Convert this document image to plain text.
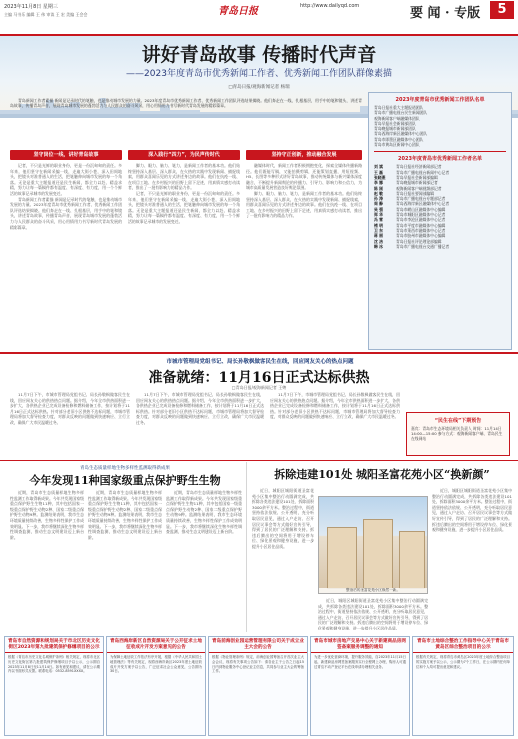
2023年11月8日 星期三	青岛日报	http://www.dailyqd.com	要 闻 · 专版	5
主编 马书乐 编辑 王 伟 审读 王 宏 美编 王会会
讲好青岛故事 传播时代声音
——2023年度青岛市优秀新闻工作者、优秀新闻工作团队群像素描
□青岛日报/观海新闻记者 杨瑞

青岛新闻工作者素描 新闻是记录时代的笔触，也是推动城市发展的力量。2023年度青岛市优秀新闻工作者、优秀新闻工作团队评选结果揭晓。他们奔走在一线、扎根基层，用手中的笔和镜头，讲述青岛故事，传播青岛声音，展现青岛城市发展的蓬勃活力与人民群众的奋斗风采，用心用情用力书写新时代青岛发展的精彩篇章。

坚守岗位一线，讲好青岛故事

记者，不只是光鲜的职业身份，更是一份沉甸甸的责任。多年来，他们坚守在新闻采编一线，走遍大街小巷，深入田间地头，把镜头对准普通人的生活，把笔触伸向城市发展的每一个角落。无论是重大主题报道还是民生新闻，都全力以赴、精益求精，努力让每一篇稿件都有温度、有深度、有力度，用一个个鲜活的故事记录城市的发展变迁。

青岛新闻工作者素描 新闻是记录时代的笔触，也是推动城市发展的力量。2023年度青岛市优秀新闻工作者、优秀新闻工作团队评选结果揭晓。他们奔走在一线、扎根基层，用手中的笔和镜头，讲述青岛故事，传播青岛声音，展现青岛城市发展的蓬勃活力与人民群众的奋斗风采，用心用情用力书写新时代青岛发展的精彩篇章。

深入践行“四力”，为民声传时代

脚力、眼力、脑力、笔力，是新闻工作者的基本功。他们始终坚持深入基层、深入群众，在火热的实践中发现新闻、捕捉线索，用群众喜闻乐见的方式讲述身边的故事。他们在抗疫一线、在项目工地、在乡村振兴的田野上留下足迹，用真情实感打动读者，推出了一批有影响力的精品力作。

记者，不只是光鲜的职业身份，更是一份沉甸甸的责任。多年来，他们坚守在新闻采编一线，走遍大街小巷，深入田间地头，把镜头对准普通人的生活，把笔触伸向城市发展的每一个角落。无论是重大主题报道还是民生新闻，都全力以赴、精益求精，努力让每一篇稿件都有温度、有深度、有力度，用一个个鲜活的故事记录城市的发展变迁。

坚持守正创新，推动融合发展

融媒体时代，新闻工作者积极拥抱变化，探索全媒体传播新路径。他们既能写稿，又能拍摄剪辑，还能策划直播，用短视频、H5、长图等多种形式讲好青岛故事，推动传统媒体与新兴媒体深度融合，不断提升新闻舆论的传播力、引导力、影响力和公信力，为城市高质量发展营造良好舆论氛围。

脚力、眼力、脑力、笔力，是新闻工作者的基本功。他们始终坚持深入基层、深入群众，在火热的实践中发现新闻、捕捉线索，用群众喜闻乐见的方式讲述身边的故事。他们在抗疫一线、在项目工地、在乡村振兴的田野上留下足迹，用真情实感打动读者，推出了一批有影响力的精品力作。

2023年度青岛市优秀新闻工作团队名单
青岛日报社重大主题报道团队
青岛市广播电视台民生新闻团队
观海新闻客户端融媒体团队
青岛早报社会新闻部团队
青岛晚报城市新闻部团队
青岛西海岸新区融媒体中心团队
青岛市即墨区融媒体中心团队
青岛市黄岛区新闻中心团队
2023年度青岛市优秀新闻工作者名单
刘 斌	青岛日报社经济新闻部记者
王 磊	青岛市广播电视台新闻中心记者
张晓燕	青岛早报社会新闻部编辑
李 娜	青岛晚报城市新闻部记者
陈 刚	观海新闻客户端视频部记者
赵 敏	青岛日报社要闻部编辑
孙 涛	青岛市广播电视台专题部记者
周 静	青岛西海岸新区融媒体中心记者
吴 强	青岛市崂山区融媒体中心编辑
郑 华	青岛市城阳区融媒体中心记者
冯 雪	青岛市李沧区融媒体中心记者
褚 明	青岛市平度市融媒体中心编辑
卫 东	青岛市莱西市融媒体中心记者
蒋 丽	青岛市胶州市融媒体中心编辑
沈 洁	青岛日报社评论理论部编辑
韩 冰	青岛市广播电视台交通广播记者
市城市管理局党组书记、局长孙敬枫做客民生在线，回应网友关心的热点问题
准备就绪：11月16日正式达标供热
□青岛日报/观海新闻记者 王娉

11月7日下午，市城市管理局党组书记、局长孙敬枫做客民生在线，回应网友关心的供热热点问题。据介绍，今年全市供热面积进一步扩大，各供热企业已完成设备检修和燃料储备工作，按计划将于11月16日正式达标供热。针对部分老旧小区供热不达标问题，市城市管理局将加大督导检查力度，对群众反映的问题做到快速响应、立行立改，确保广大市民温暖过冬。

11月7日下午，市城市管理局党组书记、局长孙敬枫做客民生在线，回应网友关心的供热热点问题。据介绍，今年全市供热面积进一步扩大，各供热企业已完成设备检修和燃料储备工作，按计划将于11月16日正式达标供热。针对部分老旧小区供热不达标问题，市城市管理局将加大督导检查力度，对群众反映的问题做到快速响应、立行立改，确保广大市民温暖过冬。

11月7日下午，市城市管理局党组书记、局长孙敬枫做客民生在线，回应网友关心的供热热点问题。据介绍，今年全市供热面积进一步扩大，各供热企业已完成设备检修和燃料储备工作，按计划将于11月16日正式达标供热。针对部分老旧小区供热不达标问题，市城市管理局将加大督导检查力度，对群众反映的问题做到快速响应、立行立改，确保广大市民温暖过冬。

“民生在线”下期预告
嘉宾：青岛市生态环境局相关负责人 时间：11月14日 14:00—15:00 参与方式：观海新闻客户端、青岛民生在线网站
青岛生态质量样地生物多样性监测取得新成果
今年发现11种国家级重点保护野生生物

近期，青岛市生态质量样地生物多样性监测工作取得新成果。今年共发现国家级重点保护野生生物11种，其中包括国家一级重点保护野生动物2种、国家二级重点保护野生动物9种。监测结果表明，我市生态环境质量持续改善，生物多样性保护工作成效明显。下一步，我市将继续深化生物多样性调查监测，推动生态文明建设迈上新台阶。

近期，青岛市生态质量样地生物多样性监测工作取得新成果。今年共发现国家级重点保护野生生物11种，其中包括国家一级重点保护野生动物2种、国家二级重点保护野生动物9种。监测结果表明，我市生态环境质量持续改善，生物多样性保护工作成效明显。下一步，我市将继续深化生物多样性调查监测，推动生态文明建设迈上新台阶。

近期，青岛市生态质量样地生物多样性监测工作取得新成果。今年共发现国家级重点保护野生生物11种，其中包括国家一级重点保护野生动物2种、国家二级重点保护野生动物9种。监测结果表明，我市生态环境质量持续改善，生物多样性保护工作成效明显。下一步，我市将继续深化生物多样性调查监测，推动生态文明建设迈上新台阶。

拆除违建101处 城阳圣富花苑小区“换新颜”

近日，城阳区城阳街道圣富花苑小区集中整治行动圆满完成，共拆除各类违法建设101处，拆除面积3000余平方米。整治过程中，街道坚持依法依规、公开透明，充分听取居民意见，通过入户走访、召开居民议事会等方式做好宣传引导，得到了居民的广泛理解和支持。拆违后腾出的空间将用于增设停车位、绿化景观和健身设施，进一步提升小区居住品质。

整治后的圣富花苑小区焕然一新。

近日，城阳区城阳街道圣富花苑小区集中整治行动圆满完成，共拆除各类违法建设101处，拆除面积3000余平方米。整治过程中，街道坚持依法依规、公开透明，充分听取居民意见，通过入户走访、召开居民议事会等方式做好宣传引导，得到了居民的广泛理解和支持。拆违后腾出的空间将用于增设停车位、绿化景观和健身设施，进一步提升小区居住品质。

近日，城阳区城阳街道圣富花苑小区集中整治行动圆满完成，共拆除各类违法建设101处，拆除面积3000余平方米。整治过程中，街道坚持依法依规、公开透明，充分听取居民意见，通过入户走访、召开居民议事会等方式做好宣传引导，得到了居民的广泛理解和支持。拆违后腾出的空间将用于增设停车位、绿化景观和健身设施，进一步提升小区居住品质。

青岛市自然资源和规划局关于市北区历史文化街区2023年第九批建筑保护修缮项目的公示
根据《青岛市历史文化名城保护条例》相关规定，现将市北区历史文化街区第九批建筑保护修缮项目予以公示，公示期自2023年11月8日至11月14日。如有意见和建议，请在公示期内以书面形式反馈。联系电话：0532-8591XXXX。
青岛西海岸新区自然资源局关于公开征求土地征收成片开发方案意见的公告
为保障土地征收工作依法有序开展，根据《中华人民共和国土地管理法》等有关规定，现将西海岸新区2023年度土地征收成片开发方案予以公告，广泛征求社会公众意见，公告期为30日。
青岛前海创业园运营管理有限公司关于成立业主大会的公告
根据《物业管理条例》规定，前海创业园筹备召开首次业主大会会议，现将有关事项公告如下：请各业主于公告之日起15日内到物业服务中心登记业主信息，共同参与业主大会的筹备工作。
青岛市城市房地产交易中心关于新建商品房网签备案服务调整的通知
为进一步优化营商环境，提升服务效能，自2023年11月15日起，新建商品房网签备案服务实行全程网上办理，购房人可通过青岛不动产登记平台在线申请办理相关业务。
青岛市土地综合整治工作指导中心关于青岛市黄岛区综合整治项目的公示
根据有关规定，现将青岛市黄岛区2023年度土地综合整治项目的实施方案予以公示，公示期为7个工作日，在公示期内任何单位和个人均可提出意见和建议。
